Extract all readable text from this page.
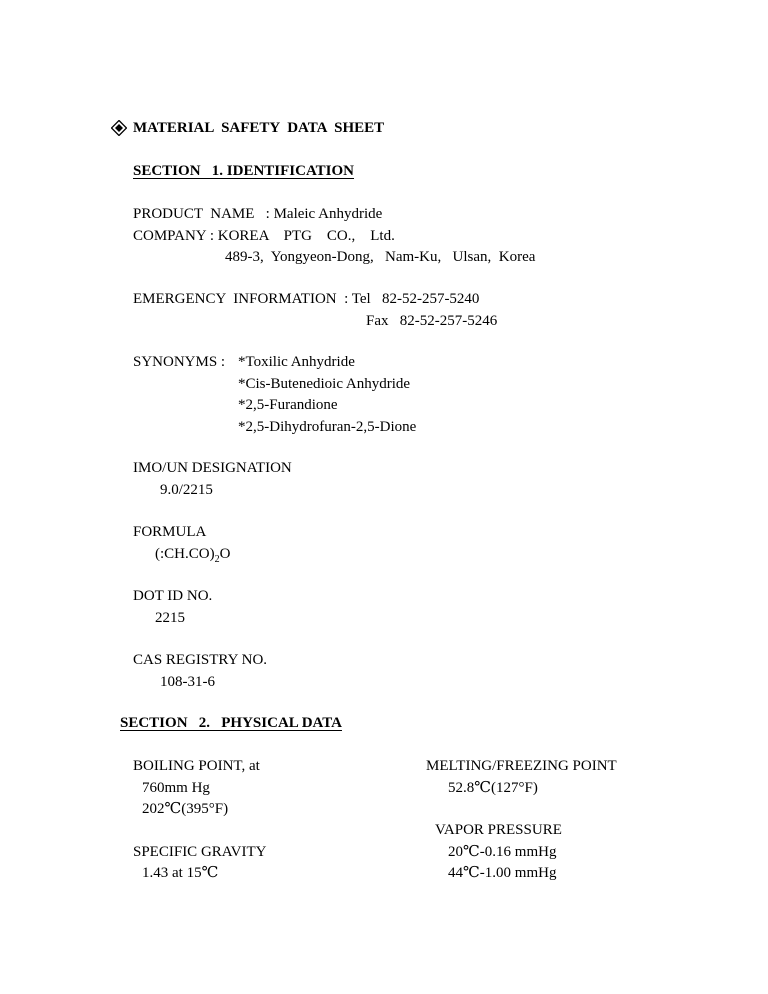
MATERIAL  SAFETY  DATA  SHEET
SECTION   1. IDENTIFICATION
PRODUCT  NAME   : Maleic Anhydride
COMPANY : KOREA    PTG    CO.,    Ltd.
489-3,  Yongyeon-Dong,   Nam-Ku,   Ulsan,  Korea
EMERGENCY  INFORMATION  : Tel   82-52-257-5240
Fax   82-52-257-5246
SYNONYMS : *Toxilic Anhydride
*Cis-Butenedioic Anhydride
*2,5-Furandione
*2,5-Dihydrofuran-2,5-Dione
IMO/UN DESIGNATION
9.0/2215
FORMULA
$(:CH.CO)_2O$
DOT ID NO.
2215
CAS REGISTRY NO.
108-31-6
SECTION   2.   PHYSICAL DATA
BOILING POINT, at
760mm Hg
202℃(395°F)
MELTING/FREEZING POINT
52.8℃(127°F)
VAPOR PRESSURE
20℃-0.16 mmHg
44℃-1.00 mmHg
SPECIFIC GRAVITY
1.43 at 15℃
